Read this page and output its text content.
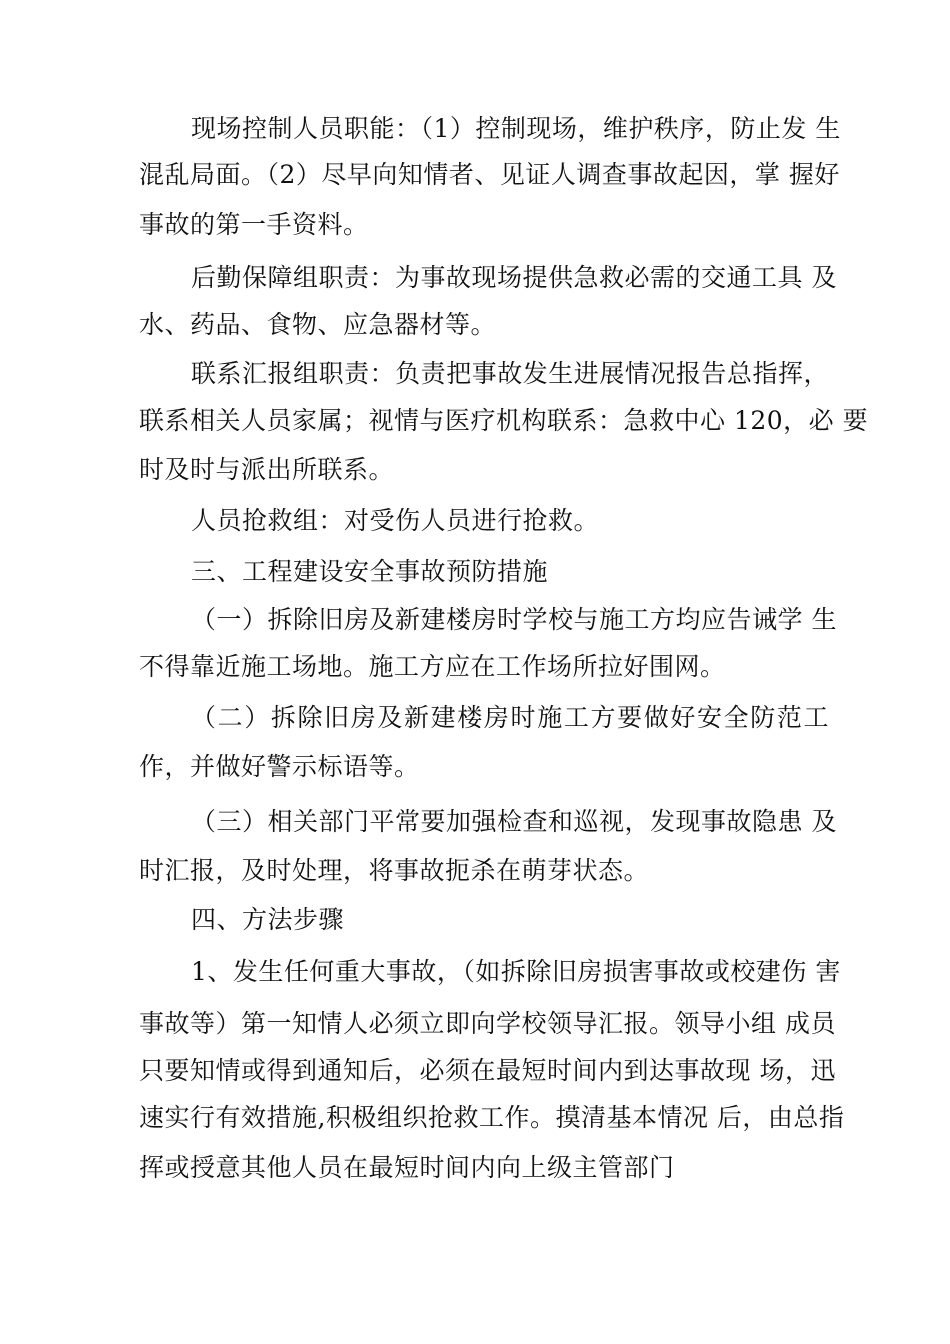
现场控制人员职能：（1）控制现场，维护秩序，防止发 生
混乱局面。（2）尽早向知情者、见证人调查事故起因，掌 握好
事故的第一手资料。
后勤保障组职责：为事故现场提供急救必需的交通工具 及
水、药品、食物、应急器材等。
联系汇报组职责：负责把事故发生进展情况报告总指挥，
联系相关人员家属；视情与医疗机构联系：急救中心 120，必 要
时及时与派出所联系。
人员抢救组：对受伤人员进行抢救。
三、工程建设安全事故预防措施
（一）拆除旧房及新建楼房时学校与施工方均应告诫学 生
不得靠近施工场地。施工方应在工作场所拉好围网。
（二）拆除旧房及新建楼房时施工方要做好安全防范工
作，并做好警示标语等。
（三）相关部门平常要加强检查和巡视，发现事故隐患 及
时汇报，及时处理，将事故扼杀在萌芽状态。
四、方法步骤
1、发生任何重大事故，（如拆除旧房损害事故或校建伤 害
事故等）第一知情人必须立即向学校领导汇报。领导小组 成员
只要知情或得到通知后，必须在最短时间内到达事故现 场，迅
速实行有效措施,积极组织抢救工作。摸清基本情况 后，由总指
挥或授意其他人员在最短时间内向上级主管部门
